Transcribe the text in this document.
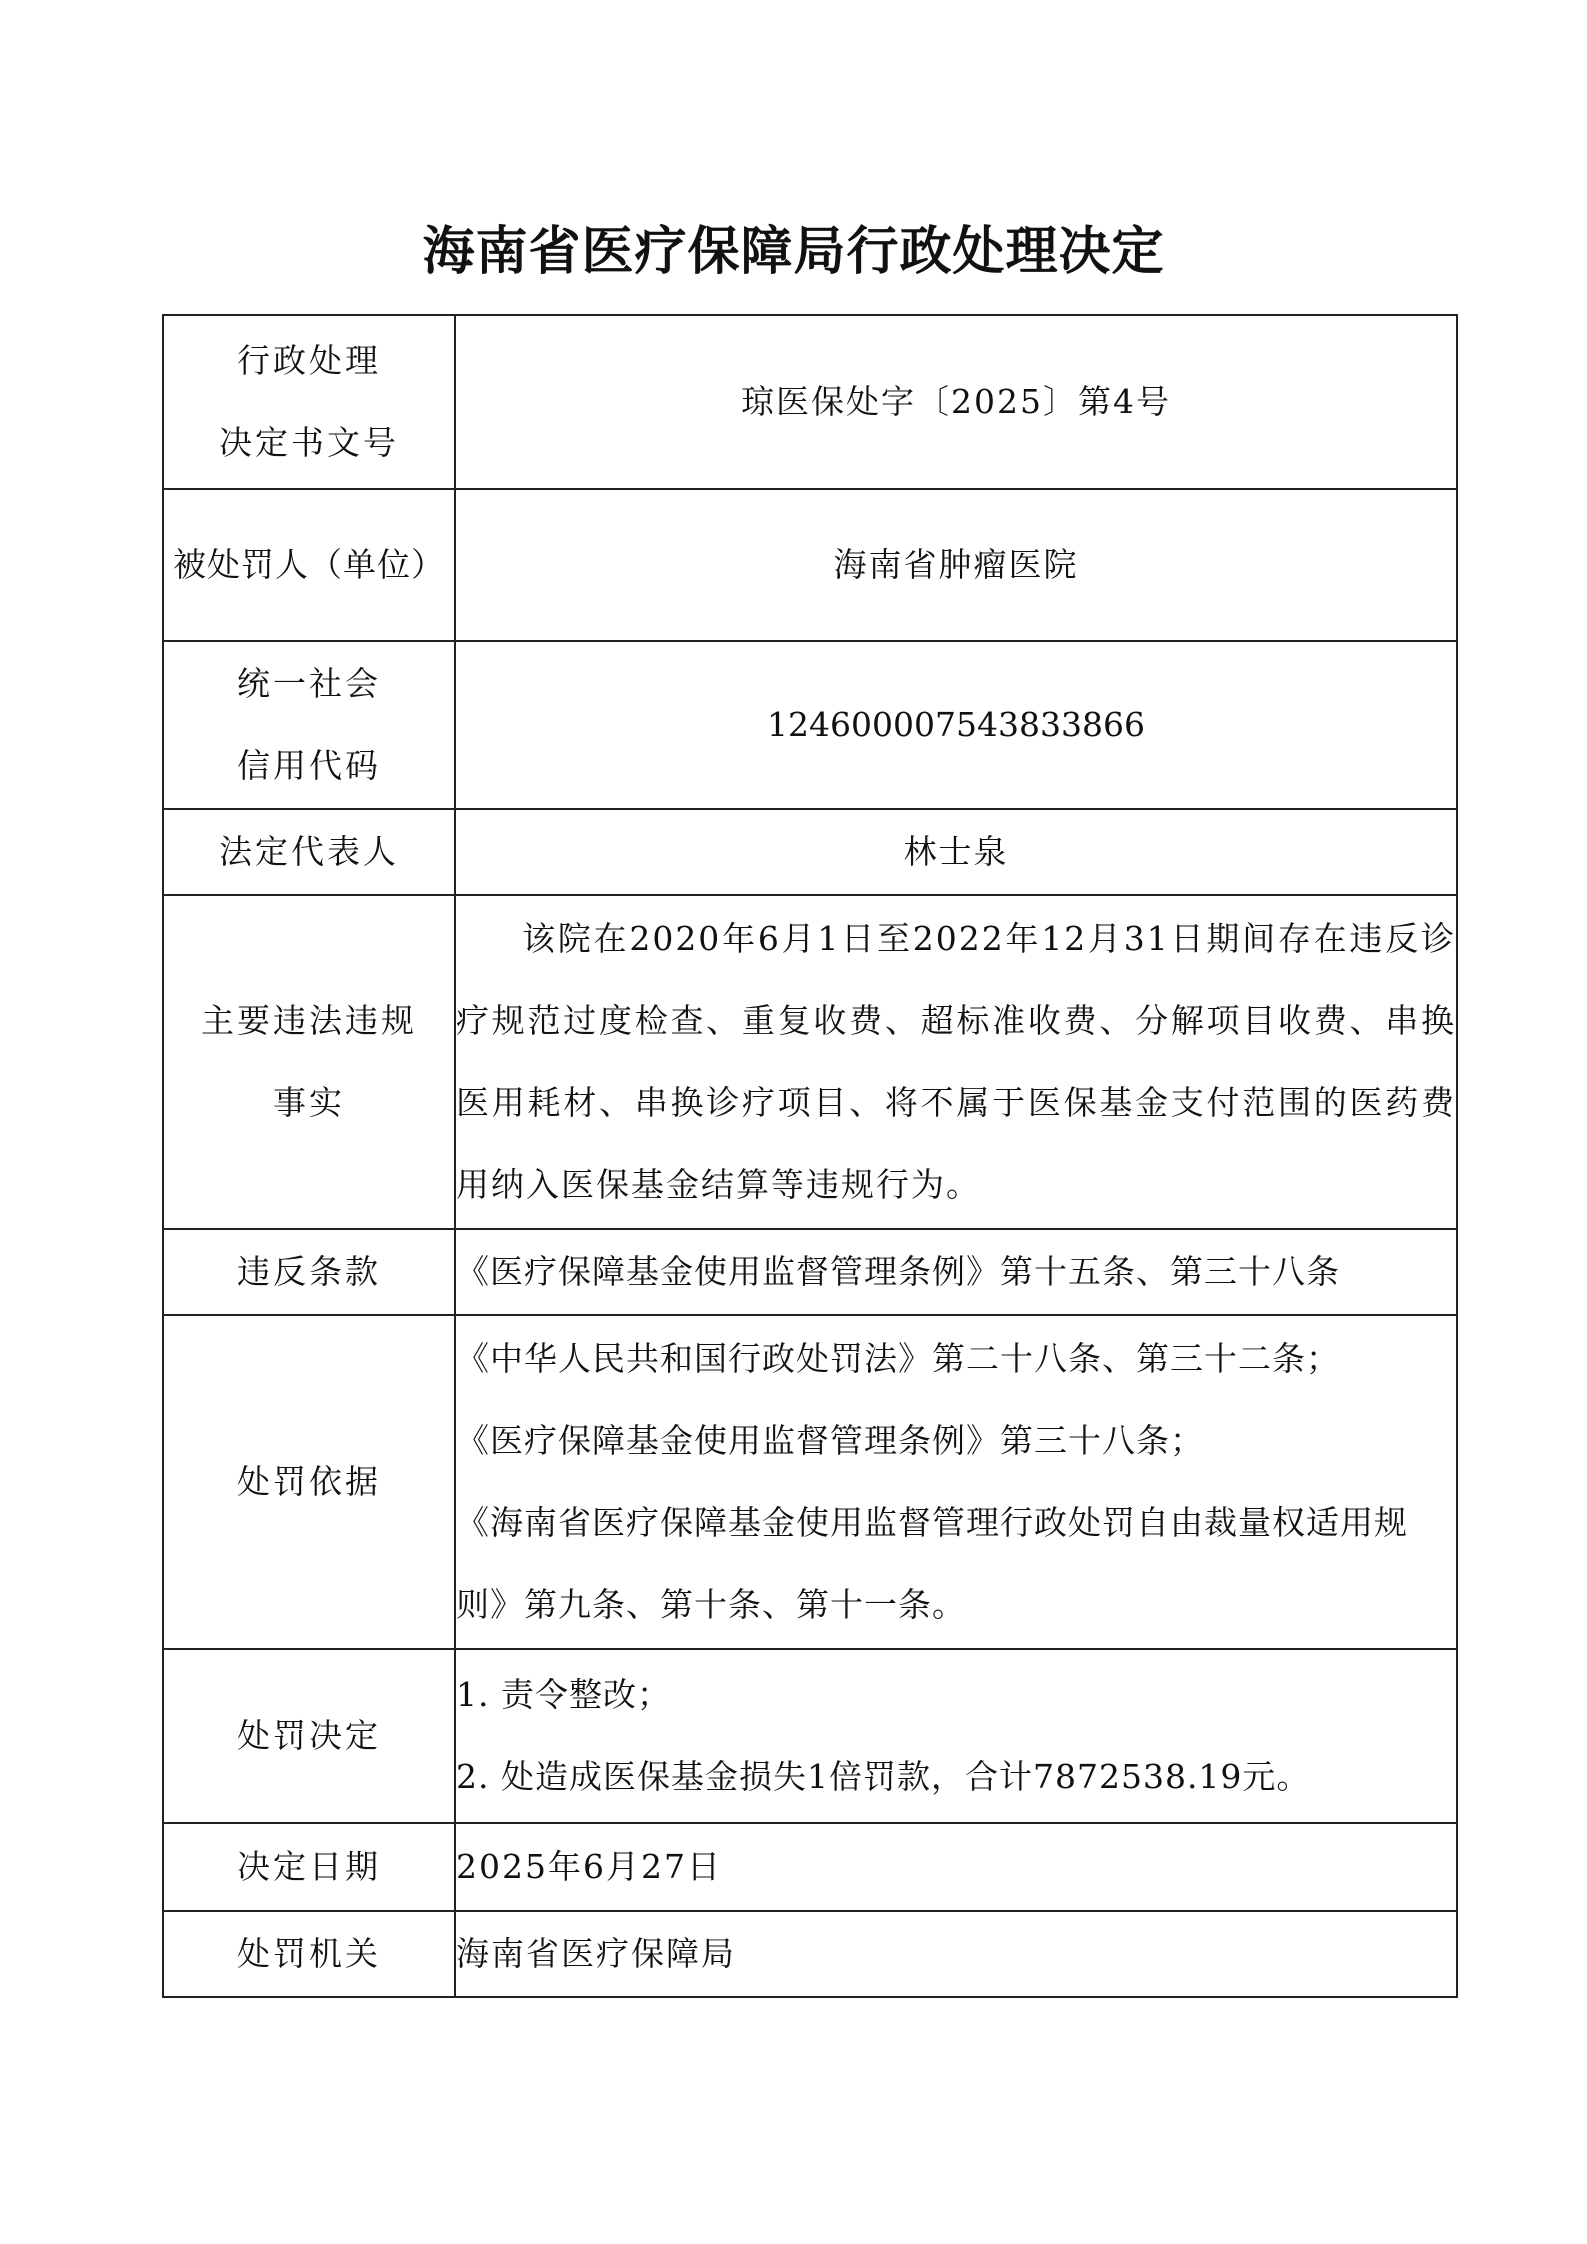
海南省医疗保障局行政处理决定
行政处理
决定书文号	琼医保处字〔2025〕第4号
被处罚人（单位）	海南省肿瘤医院

统一社会
信用代码	12460000754383386​6
法定代表人	林士泉

主要违法违规
事实	该院在2020年6月1日至2022年12月31日期间存在违反诊疗规范过度检查、重复收费、超标准收费、分解项目收费、串换医用耗材、串换诊疗项目、将不属于医保基金支付范围的医药费用纳入医保基金结算等违规行为。
违反条款	《医疗保障基金使用监督管理条例》第十五条、第三十八条
处罚依据	《中华人民共和国行政处罚法》第二十八条、第三十二条；
《医疗保障基金使用监督管理条例》第三十八条；
《海南省医疗保障基金使用监督管理行政处罚自由裁量权适用规则》第九条、第十条、第十一条。

处罚决定	1. 责令整改；
2. 处造成医保基金损失1倍罚款，合计7872538.19元。

决定日期	2025年6月27日
处罚机关	海南省医疗保障局
